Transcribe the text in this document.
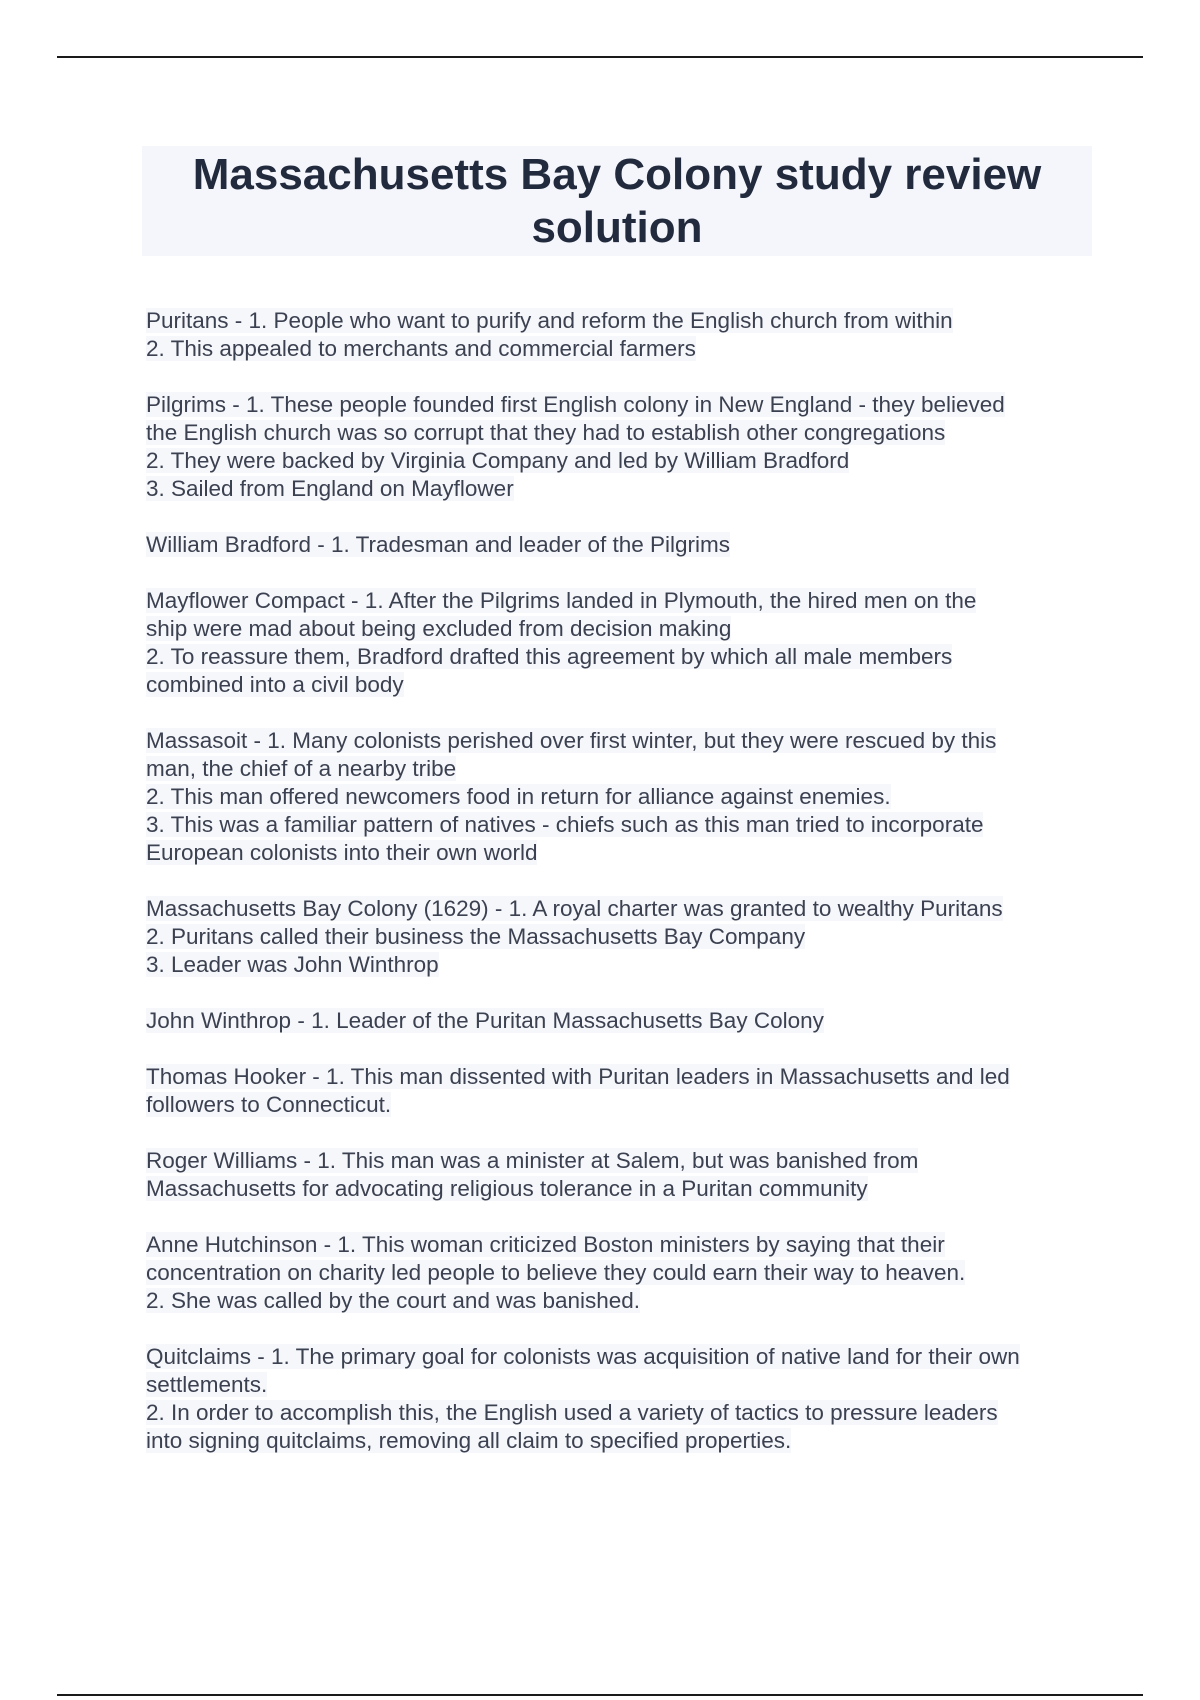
Massachusetts Bay Colony study review
solution
Puritans - 1. People who want to purify and reform the English church from within
2. This appealed to merchants and commercial farmers
Pilgrims - 1. These people founded first English colony in New England - they believed
the English church was so corrupt that they had to establish other congregations
2. They were backed by Virginia Company and led by William Bradford
3. Sailed from England on Mayflower
William Bradford - 1. Tradesman and leader of the Pilgrims
Mayflower Compact - 1. After the Pilgrims landed in Plymouth, the hired men on the
ship were mad about being excluded from decision making
2. To reassure them, Bradford drafted this agreement by which all male members
combined into a civil body
Massasoit - 1. Many colonists perished over first winter, but they were rescued by this
man, the chief of a nearby tribe
2. This man offered newcomers food in return for alliance against enemies.
3. This was a familiar pattern of natives - chiefs such as this man tried to incorporate
European colonists into their own world
Massachusetts Bay Colony (1629) - 1. A royal charter was granted to wealthy Puritans
2. Puritans called their business the Massachusetts Bay Company
3. Leader was John Winthrop
John Winthrop - 1. Leader of the Puritan Massachusetts Bay Colony
Thomas Hooker - 1. This man dissented with Puritan leaders in Massachusetts and led
followers to Connecticut.
Roger Williams - 1. This man was a minister at Salem, but was banished from
Massachusetts for advocating religious tolerance in a Puritan community
Anne Hutchinson - 1. This woman criticized Boston ministers by saying that their
concentration on charity led people to believe they could earn their way to heaven.
2. She was called by the court and was banished.
Quitclaims - 1. The primary goal for colonists was acquisition of native land for their own
settlements.
2. In order to accomplish this, the English used a variety of tactics to pressure leaders
into signing quitclaims, removing all claim to specified properties.
